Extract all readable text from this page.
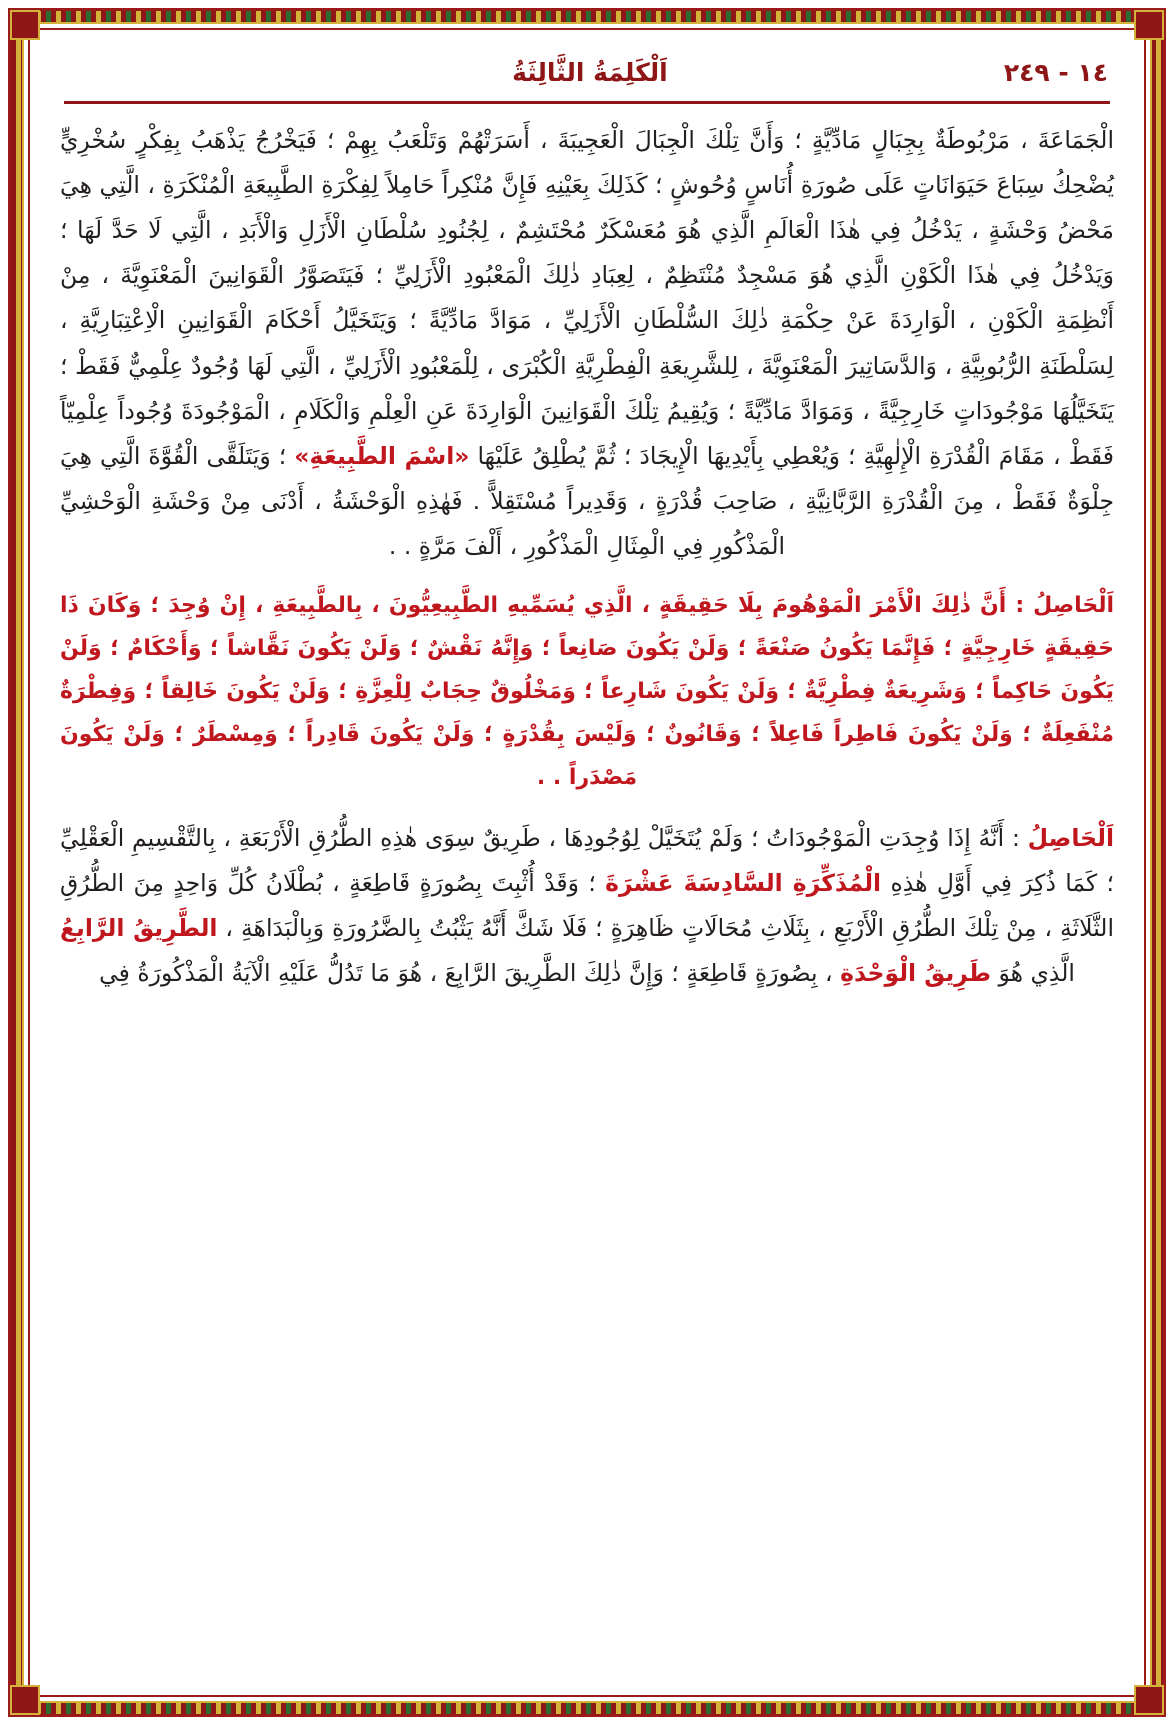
١٤ - ٢٤٩
اَلْكَلِمَةُ الثَّالِثَةُ

الْجَمَاعَةَ ، مَرْبُوطَةٌ بِجِبَالٍ مَادِّيَّةٍ ؛ وَأَنَّ تِلْكَ الْجِبَالَ الْعَجِيبَةَ ، أَسَرَتْهُمْ وَتَلْعَبُ بِهِمْ ؛ فَيَخْرُجُ يَذْهَبُ بِفِكْرٍ سُخْرِيٍّ يُضْحِكُ سِبَاعَ حَيَوَانَاتٍ عَلَى صُورَةِ أُنَاسٍ وُحُوشٍ ؛ كَذَلِكَ بِعَيْنِهِ فَإِنَّ مُنْكِراً حَامِلاً لِفِكْرَةِ الطَّبِيعَةِ الْمُنْكَرَةِ ، الَّتِي هِيَ مَحْضُ وَحْشَةٍ ، يَدْخُلُ فِي هٰذَا الْعَالَمِ الَّذِي هُوَ مُعَسْكَرٌ مُحْتَشِمٌ ، لِجُنُودِ سُلْطَانِ الْأَزَلِ وَالْأَبَدِ ، الَّتِي لَا حَدَّ لَهَا ؛ وَيَدْخُلُ فِي هٰذَا الْكَوْنِ الَّذِي هُوَ مَسْجِدٌ مُنْتَظِمٌ ، لِعِبَادِ ذٰلِكَ الْمَعْبُودِ الْأَزَلِيِّ ؛ فَيَتَصَوَّرُ الْقَوَانِينَ الْمَعْنَوِيَّةَ ، مِنْ أَنْظِمَةِ الْكَوْنِ ، الْوَارِدَةَ عَنْ حِكْمَةِ ذٰلِكَ السُّلْطَانِ الْأَزَلِيِّ ، مَوَادَّ مَادِّيَّةً ؛ وَيَتَخَيَّلُ أَحْكَامَ الْقَوَانِينِ الْاِعْتِبَارِيَّةِ ، لِسَلْطَنَةِ الرُّبُوبِيَّةِ ، وَالدَّسَاتِيرَ الْمَعْنَوِيَّةَ ، لِلشَّرِيعَةِ الْفِطْرِيَّةِ الْكُبْرَى ، لِلْمَعْبُودِ الْأَزَلِيِّ ، الَّتِي لَهَا وُجُودٌ عِلْمِيٌّ فَقَطْ ؛ يَتَخَيَّلُهَا مَوْجُودَاتٍ خَارِجِيَّةً ، وَمَوَادَّ مَادِّيَّةً ؛ وَيُقِيمُ تِلْكَ الْقَوَانِينَ الْوَارِدَةَ عَنِ الْعِلْمِ وَالْكَلَامِ ، الْمَوْجُودَةَ وُجُوداً عِلْمِيّاً فَقَطْ ، مَقَامَ الْقُدْرَةِ الْإِلٰهِيَّةِ ؛ وَيُعْطِي بِأَيْدِيهَا الْإِيجَادَ ؛ ثُمَّ يُطْلِقُ عَلَيْهَا «اسْمَ الطَّبِيعَةِ» ؛ وَيَتَلَقَّى الْقُوَّةَ الَّتِي هِيَ جِلْوَةٌ فَقَطْ ، مِنَ الْقُدْرَةِ الرَّبَّانِيَّةِ ، صَاحِبَ قُدْرَةٍ ، وَقَدِيراً مُسْتَقِلاًّ . فَهٰذِهِ الْوَحْشَةُ ، أَدْنَى مِنْ وَحْشَةِ الْوَحْشِيِّ الْمَذْكُورِ فِي الْمِثَالِ الْمَذْكُورِ ، أَلْفَ مَرَّةٍ . .

اَلْحَاصِلُ : أَنَّ ذٰلِكَ الْأَمْرَ الْمَوْهُومَ بِلَا حَقِيقَةٍ ، الَّذِي يُسَمِّيهِ الطَّبِيعِيُّونَ ، بِالطَّبِيعَةِ ، إِنْ وُجِدَ ؛ وَكَانَ ذَا حَقِيقَةٍ خَارِجِيَّةٍ ؛ فَإِنَّمَا يَكُونُ صَنْعَةً ؛ وَلَنْ يَكُونَ صَانِعاً ؛ وَإِنَّهُ نَقْشٌ ؛ وَلَنْ يَكُونَ نَقَّاشاً ؛ وَأَحْكَامٌ ؛ وَلَنْ يَكُونَ حَاكِماً ؛ وَشَرِيعَةٌ فِطْرِيَّةٌ ؛ وَلَنْ يَكُونَ شَارِعاً ؛ وَمَخْلُوقٌ حِجَابٌ لِلْعِزَّةِ ؛ وَلَنْ يَكُونَ خَالِقاً ؛ وَفِطْرَةٌ مُنْفَعِلَةٌ ؛ وَلَنْ يَكُونَ فَاطِراً فَاعِلاً ؛ وَقَانُونٌ ؛ وَلَيْسَ بِقُدْرَةٍ ؛ وَلَنْ يَكُونَ قَادِراً ؛ وَمِسْطَرٌ ؛ وَلَنْ يَكُونَ مَصْدَراً . .

اَلْحَاصِلُ : أَنَّهُ إِذَا وُجِدَتِ الْمَوْجُودَاتُ ؛ وَلَمْ يُتَخَيَّلْ لِوُجُودِهَا ، طَرِيقٌ سِوَى هٰذِهِ الطُّرُقِ الْأَرْبَعَةِ ، بِالتَّقْسِيمِ الْعَقْلِيِّ ؛ كَمَا ذُكِرَ فِي أَوَّلِ هٰذِهِ الْمُذَكِّرَةِ السَّادِسَةَ عَشْرَةَ ؛ وَقَدْ أُثْبِتَ بِصُورَةٍ قَاطِعَةٍ ، بُطْلَانُ كُلِّ وَاحِدٍ مِنَ الطُّرُقِ الثَّلَاثَةِ ، مِنْ تِلْكَ الطُّرُقِ الْأَرْبَعِ ، بِثَلَاثِ مُحَالَاتٍ ظَاهِرَةٍ ؛ فَلَا شَكَّ أَنَّهُ يَثْبُتُ بِالضَّرُورَةِ وَبِالْبَدَاهَةِ ، الطَّرِيقُ الرَّابِعُ الَّذِي هُوَ طَرِيقُ الْوَحْدَةِ ، بِصُورَةٍ قَاطِعَةٍ ؛ وَإِنَّ ذٰلِكَ الطَّرِيقَ الرَّابِعَ ، هُوَ مَا تَدُلُّ عَلَيْهِ الْآيَةُ الْمَذْكُورَةُ فِي
